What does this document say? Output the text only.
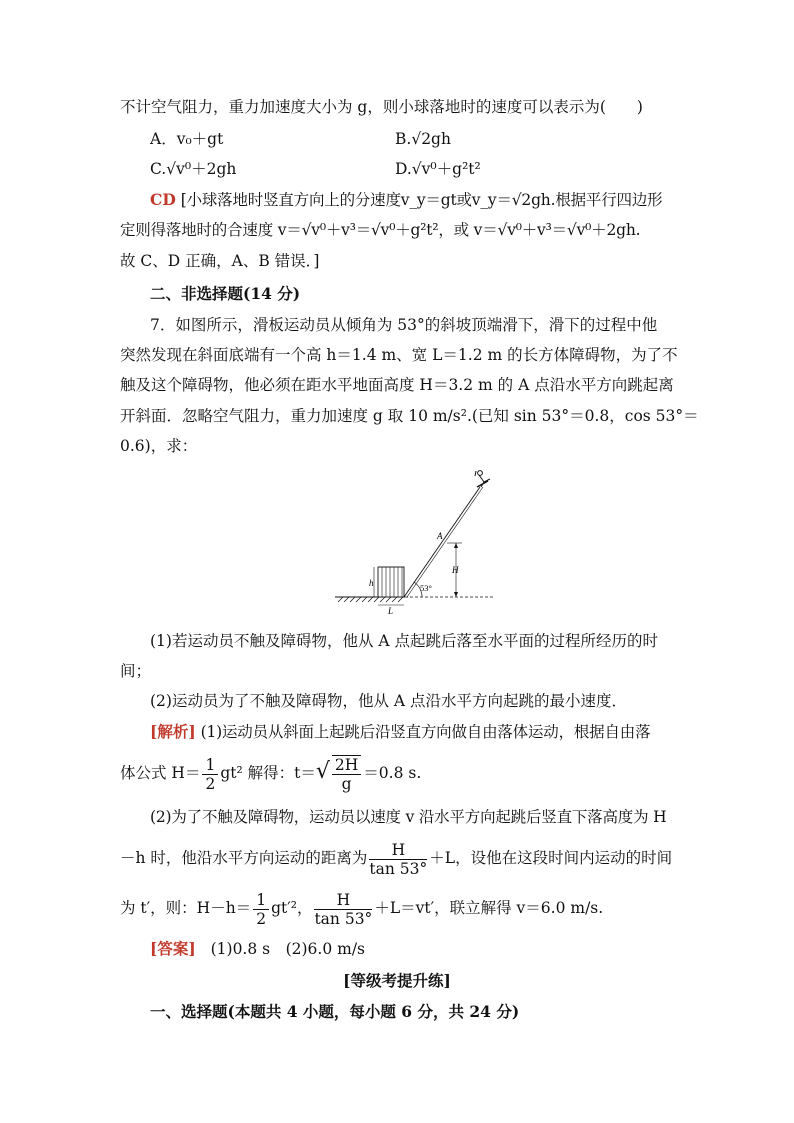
不计空气阻力，重力加速度大小为 g，则小球落地时的速度可以表示为(　　)
A．v₀＋gt	B.√2gh
C.√v⁰＋2gh	D.√v⁰＋g²t²
CD [小球落地时竖直方向上的分速度v_y＝gt或v_y＝√2gh.根据平行四边形
定则得落地时的合速度 v＝√v⁰＋v³＝√v⁰＋g²t²，或 v＝√v⁰＋v³＝√v⁰＋2gh.
故 C、D 正确，A、B 错误．]
二、非选择题(14 分)
7．如图所示，滑板运动员从倾角为 53°的斜坡顶端滑下，滑下的过程中他
突然发现在斜面底端有一个高 h＝1.4 m、宽 L＝1.2 m 的长方体障碍物，为了不
触及这个障碍物，他必须在距水平地面高度 H＝3.2 m 的 A 点沿水平方向跳起离
开斜面．忽略空气阻力，重力加速度 g 取 10 m/s².(已知 sin 53°＝0.8，cos 53°＝
0.6)，求：
h
L
53°
A
H
(1)若运动员不触及障碍物，他从 A 点起跳后落至水平面的过程所经历的时
间；
(2)运动员为了不触及障碍物，他从 A 点沿水平方向起跳的最小速度．
[解析] (1)运动员从斜面上起跳后沿竖直方向做自由落体运动，根据自由落
体公式 $H= \frac{1}{2} gt^2$ 解得：$t=√ \frac{2H}{g} =0.8$ s.
(2)为了不触及障碍物，运动员以速度 v 沿水平方向起跳后竖直下落高度为 H
－h 时，他沿水平方向运动的距离为 $\frac{H}{\tan 53^\circ} +L$，设他在这段时间内运动的时间
为 t′，则：$H-h= \frac{1}{2} gt'^2$， $\frac{H}{\tan 53^\circ} +L=vt'$，联立解得 v＝6.0 m/s.
[答案] (1)0.8 s　(2)6.0 m/s
[等级考提升练]
一、选择题(本题共 4 小题，每小题 6 分，共 24 分)
